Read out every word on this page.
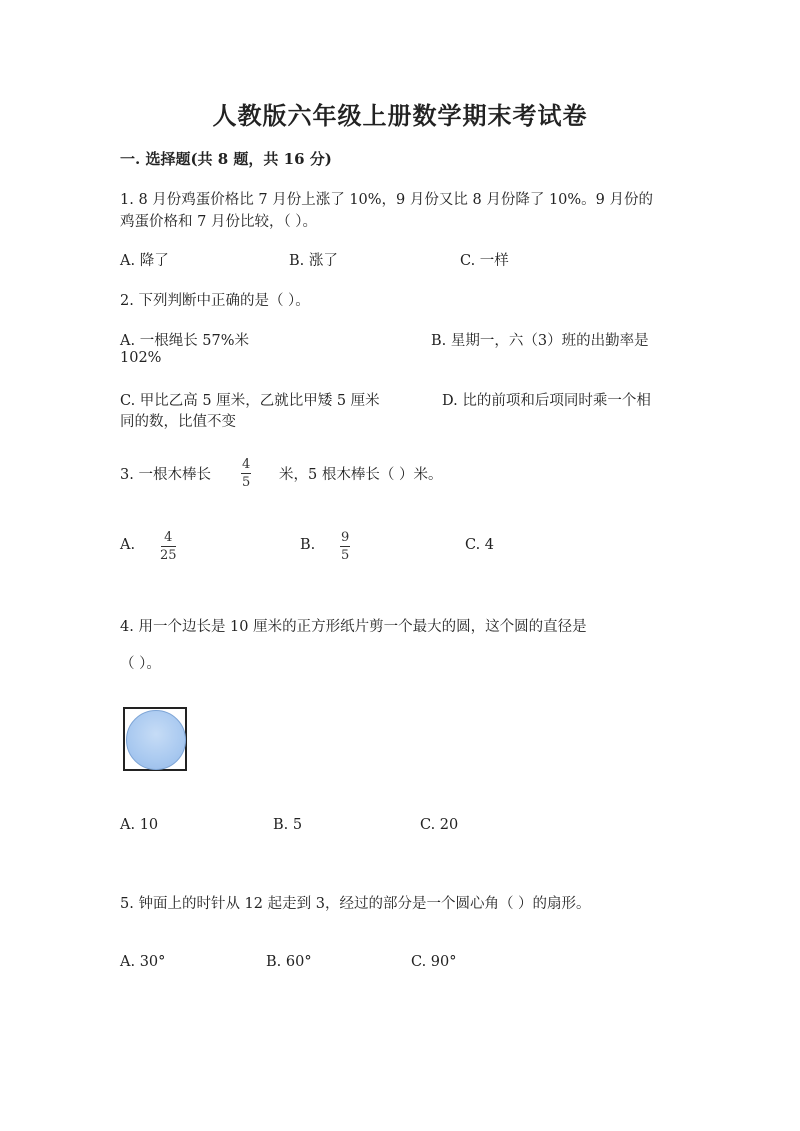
人教版六年级上册数学期末考试卷
一. 选择题(共 8 题，共 16 分)
1. 8 月份鸡蛋价格比 7 月份上涨了 10%，9 月份又比 8 月份降了 10%。9 月份的
鸡蛋价格和 7 月份比较，（ ）。
A. 降了	B. 涨了	C. 一样
2. 下列判断中正确的是（ ）。
A. 一根绳长 57%米	B. 星期一，六（3）班的出勤率是
102%
C. 甲比乙高 5 厘米，乙就比甲矮 5 厘米	D. 比的前项和后项同时乘一个相
同的数，比值不变
3. 一根木棒长
4
5 米，5 根木棒长（ ）米。
A.	4
25
B. 9
5
C. 4
4. 用一个边长是 10 厘米的正方形纸片剪一个最大的圆，这个圆的直径是
（ ）。
A. 10	B. 5	C. 20
5. 钟面上的时针从 12 起走到 3，经过的部分是一个圆心角（ ）的扇形。
A. 30°	B. 60°	C. 90°
